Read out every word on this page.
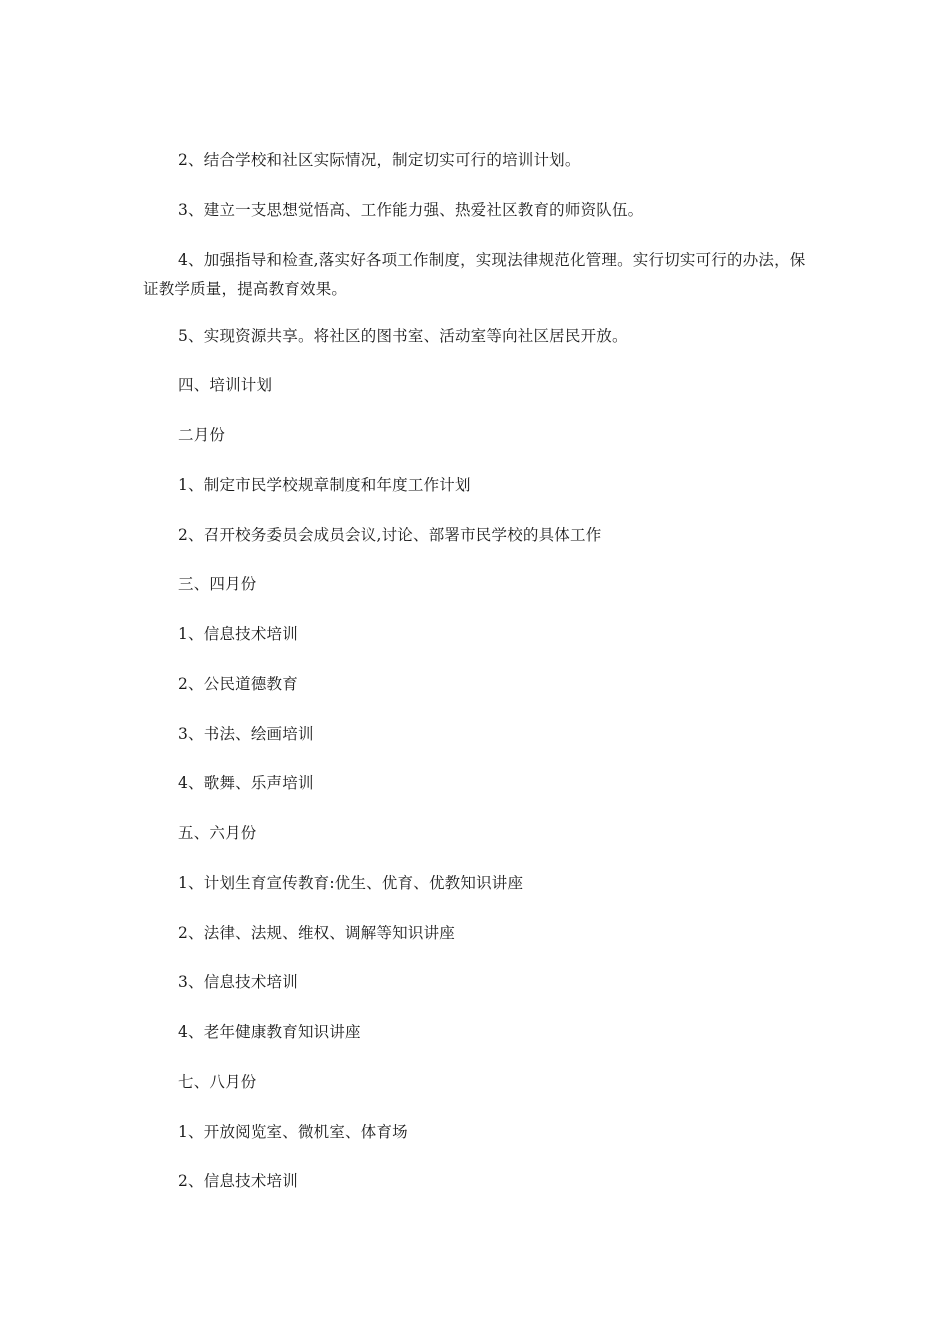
2、结合学校和社区实际情况，制定切实可行的培训计划。

3、建立一支思想觉悟高、工作能力强、热爱社区教育的师资队伍。

4、加强指导和检查,落实好各项工作制度，实现法律规范化管理。实行切实可行的办法，保证教学质量，提高教育效果。

5、实现资源共享。将社区的图书室、活动室等向社区居民开放。

四、培训计划

二月份

1、制定市民学校规章制度和年度工作计划

2、召开校务委员会成员会议,讨论、部署市民学校的具体工作

三、四月份

1、信息技术培训

2、公民道德教育

3、书法、绘画培训

4、歌舞、乐声培训

五、六月份

1、计划生育宣传教育:优生、优育、优教知识讲座

2、法律、法规、维权、调解等知识讲座

3、信息技术培训

4、老年健康教育知识讲座

七、八月份

1、开放阅览室、微机室、体育场

2、信息技术培训
